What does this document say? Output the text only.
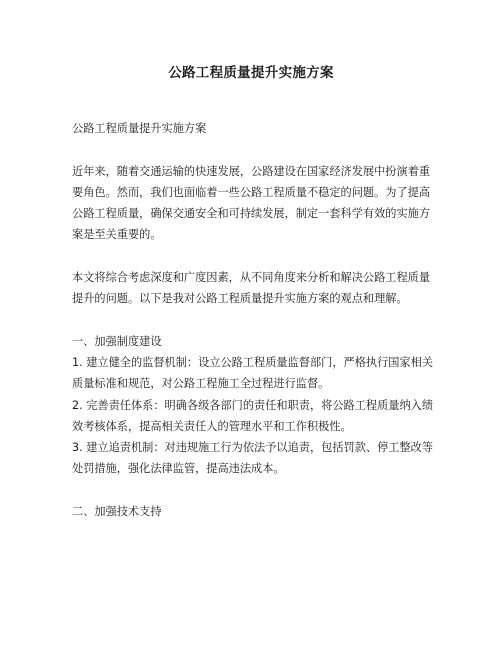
公路工程质量提升实施方案

公路工程质量提升实施方案

近年来，随着交通运输的快速发展，公路建设在国家经济发展中扮演着重要角色。然而，我们也面临着一些公路工程质量不稳定的问题。为了提高公路工程质量，确保交通安全和可持续发展，制定一套科学有效的实施方案是至关重要的。

本文将综合考虑深度和广度因素，从不同角度来分析和解决公路工程质量提升的问题。以下是我对公路工程质量提升实施方案的观点和理解。

一、加强制度建设

1. 建立健全的监督机制：设立公路工程质量监督部门，严格执行国家相关质量标准和规范，对公路工程施工全过程进行监督。

2. 完善责任体系：明确各级各部门的责任和职责，将公路工程质量纳入绩效考核体系，提高相关责任人的管理水平和工作积极性。

3. 建立追责机制：对违规施工行为依法予以追责，包括罚款、停工整改等处罚措施，强化法律监管，提高违法成本。

二、加强技术支持
